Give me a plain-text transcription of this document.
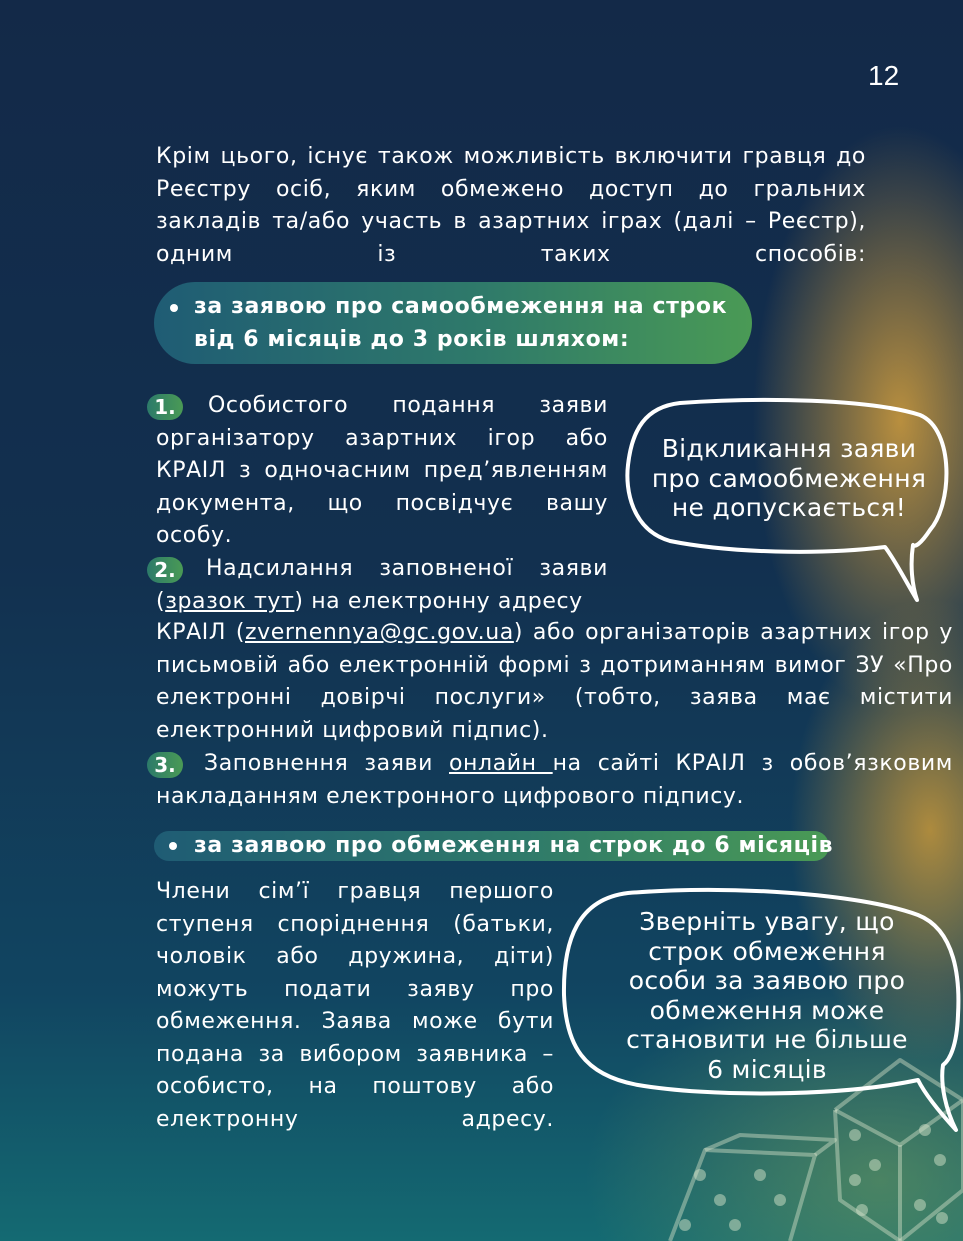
12
Крім цього, існує також можливість включити гравця до Реєстру осіб, яким обмежено доступ до гральних закладів та/або участь в азартних іграх (далі – Реєстр), одним із таких способів:
за заявою про самообмеження на строк
від 6 місяців до 3 років шляхом:
1.	Особистого подання заяви організатору азартних ігор або КРАІЛ з одночасним пред’явленням документа, що посвідчує вашу особу.
2.	Надсилання заповненої заяви
(зразок тут) на електронну адресу
КРАІЛ (zvernennya@gc.gov.ua) або організаторів азартних ігор у письмовій або електронній формі з дотриманням вимог ЗУ «Про електронні довірчі послуги» (тобто, заява має містити електронний цифровий підпис).
3.	Заповнення заяви онлайн на сайті КРАІЛ з обов’язковим накладанням електронного цифрового підпису.
за заявою про обмеження на строк до 6 місяців
Члени сім’ї гравця першого ступеня споріднення (батьки, чоловік або дружина, діти) можуть подати заяву про обмеження. Заява може бути подана за вибором заявника – особисто, на поштову або електронну адресу.
Відкликання заяви
про самообмеження
не допускається!
Зверніть увагу, що
строк обмеження
особи за заявою про
обмеження може
становити не більше
6 місяців
